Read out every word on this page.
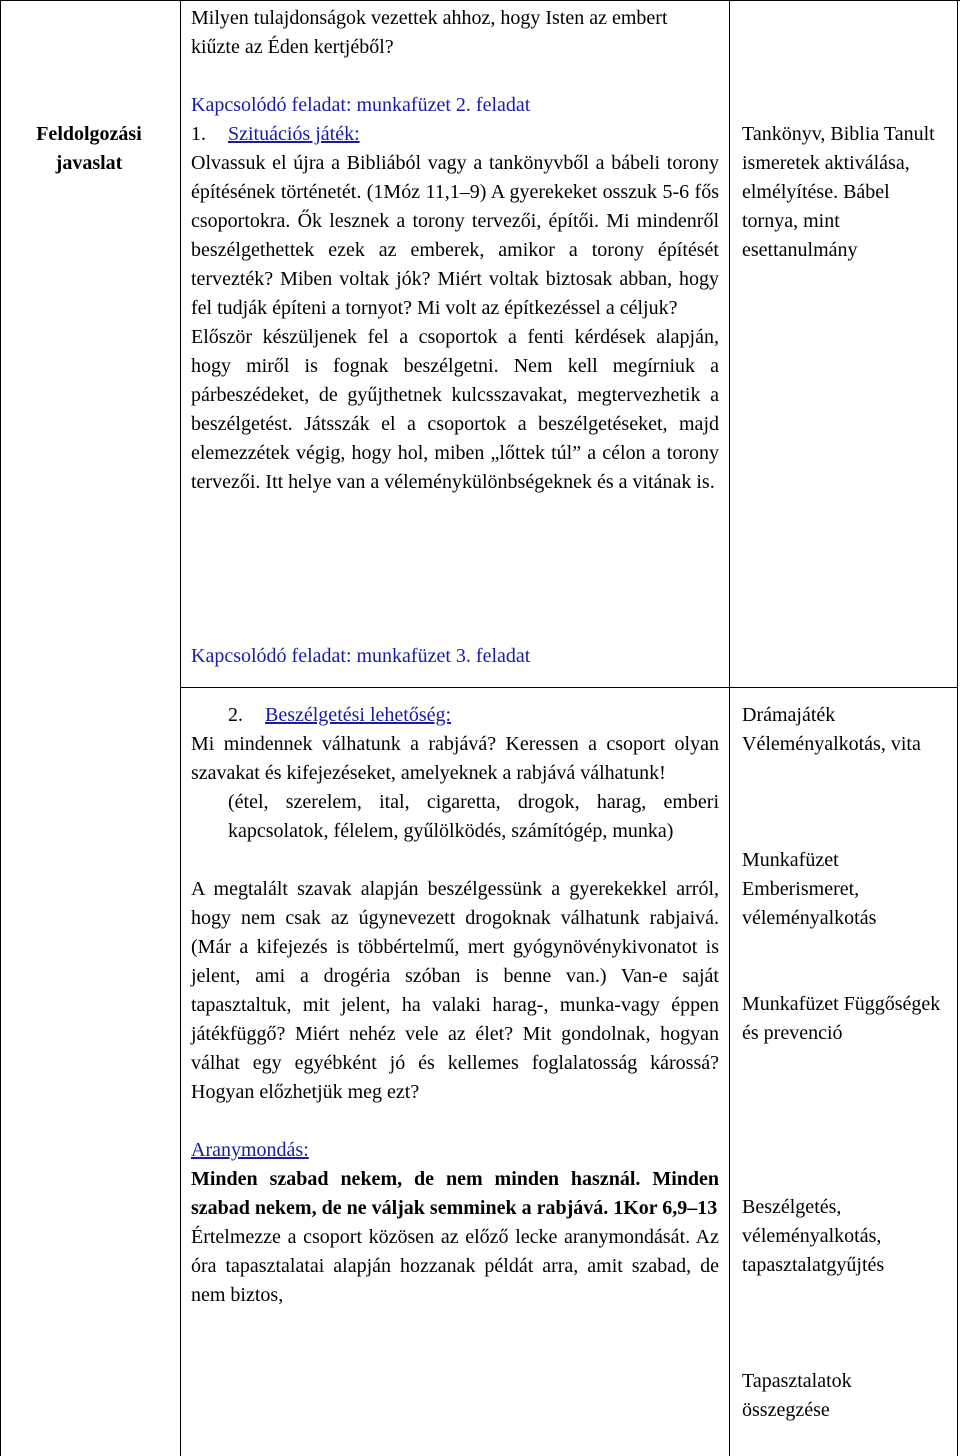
Feldolgozási javaslat

Milyen tulajdonságok vezettek ahhoz, hogy Isten az embert kiűzte az Éden kertjéből?

Kapcsolódó feladat: munkafüzet 2. feladat

1. Szituációs játék:

Olvassuk el újra a Bibliából vagy a tankönyvből a bábeli torony építésének történetét. (1Móz 11,1–9) A gyerekeket osszuk 5-6 fős csoportokra. Ők lesznek a torony tervezői, építői. Mi mindenről beszélgethettek ezek az emberek, amikor a torony építését tervezték? Miben voltak jók? Miért voltak biztosak abban, hogy fel tudják építeni a tornyot? Mi volt az építkezéssel a céljuk?

Először készüljenek fel a csoportok a fenti kérdések alapján, hogy miről is fognak beszélgetni. Nem kell megírniuk a párbeszédeket, de gyűjthetnek kulcsszavakat, megtervezhetik a beszélgetést. Játsszák el a csoportok a beszélgetéseket, majd elemezzétek végig, hogy hol, miben „lőttek túl” a célon a torony tervezői. Itt helye van a véleménykülönbségeknek és a vitának is.

Kapcsolódó feladat: munkafüzet 3. feladat

2. Beszélgetési lehetőség:

Mi mindennek válhatunk a rabjává? Keressen a csoport olyan szavakat és kifejezéseket, amelyeknek a rabjává válhatunk!

(étel, szerelem, ital, cigaretta, drogok, harag, emberi kapcsolatok, félelem, gyűlölködés, számítógép, munka)

A megtalált szavak alapján beszélgessünk a gyerekekkel arról, hogy nem csak az úgynevezett drogoknak válhatunk rabjaivá. (Már a kifejezés is többértelmű, mert gyógynövénykivonatot is jelent, ami a drogéria szóban is benne van.) Van-e saját tapasztaltuk, mit jelent, ha valaki harag-, munka-vagy éppen játékfüggő? Miért nehéz vele az élet? Mit gondolnak, hogyan válhat egy egyébként jó és kellemes foglalatosság károssá? Hogyan előzhetjük meg ezt?

Aranymondás:

Minden szabad nekem, de nem minden használ. Minden szabad nekem, de ne váljak semminek a rabjává. 1Kor 6,9–13

Értelmezze a csoport közösen az előző lecke aranymondását. Az óra tapasztalatai alapján hozzanak példát arra, amit szabad, de nem biztos,

Tankönyv, Biblia Tanult ismeretek aktiválása, elmélyítése. Bábel tornya, mint esettanulmány

Drámajáték Véleményalkotás, vita

Munkafüzet Emberismeret, véleményalkotás

Munkafüzet Függőségek és prevenció

Beszélgetés, véleményalkotás, tapasztalatgyűjtés

Tapasztalatok összegzése
